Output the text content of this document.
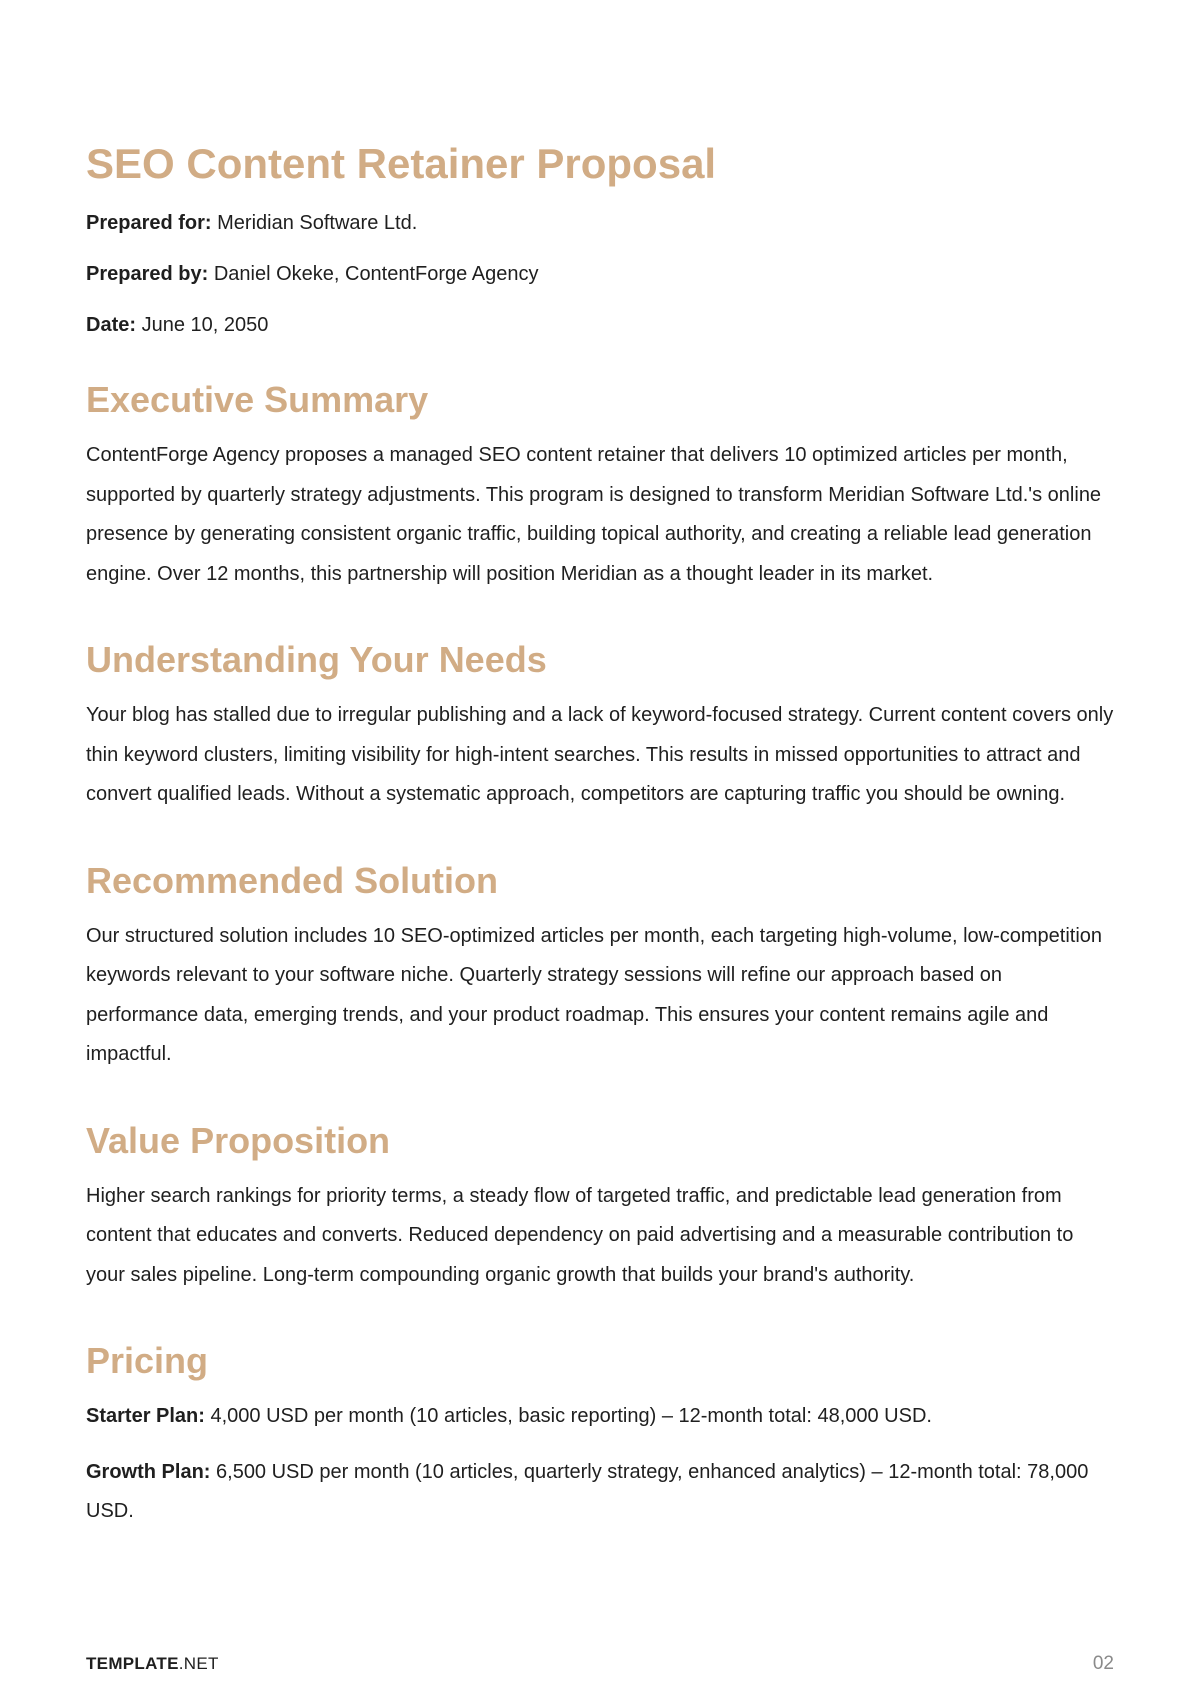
SEO Content Retainer Proposal

Prepared for: Meridian Software Ltd.

Prepared by: Daniel Okeke, ContentForge Agency

Date: June 10, 2050

Executive Summary

ContentForge Agency proposes a managed SEO content retainer that delivers 10 optimized articles per month, supported by quarterly strategy adjustments. This program is designed to transform Meridian Software Ltd.'s online presence by generating consistent organic traffic, building topical authority, and creating a reliable lead generation engine. Over 12 months, this partnership will position Meridian as a thought leader in its market.

Understanding Your Needs

Your blog has stalled due to irregular publishing and a lack of keyword-focused strategy. Current content covers only thin keyword clusters, limiting visibility for high-intent searches. This results in missed opportunities to attract and convert qualified leads. Without a systematic approach, competitors are capturing traffic you should be owning.

Recommended Solution

Our structured solution includes 10 SEO-optimized articles per month, each targeting high-volume, low-competition keywords relevant to your software niche. Quarterly strategy sessions will refine our approach based on performance data, emerging trends, and your product roadmap. This ensures your content remains agile and impactful.

Value Proposition

Higher search rankings for priority terms, a steady flow of targeted traffic, and predictable lead generation from content that educates and converts. Reduced dependency on paid advertising and a measurable contribution to your sales pipeline. Long-term compounding organic growth that builds your brand's authority.

Pricing

Starter Plan: 4,000 USD per month (10 articles, basic reporting) – 12-month total: 48,000 USD.

Growth Plan: 6,500 USD per month (10 articles, quarterly strategy, enhanced analytics) – 12-month total: 78,000 USD.

TEMPLATE.NET	02
